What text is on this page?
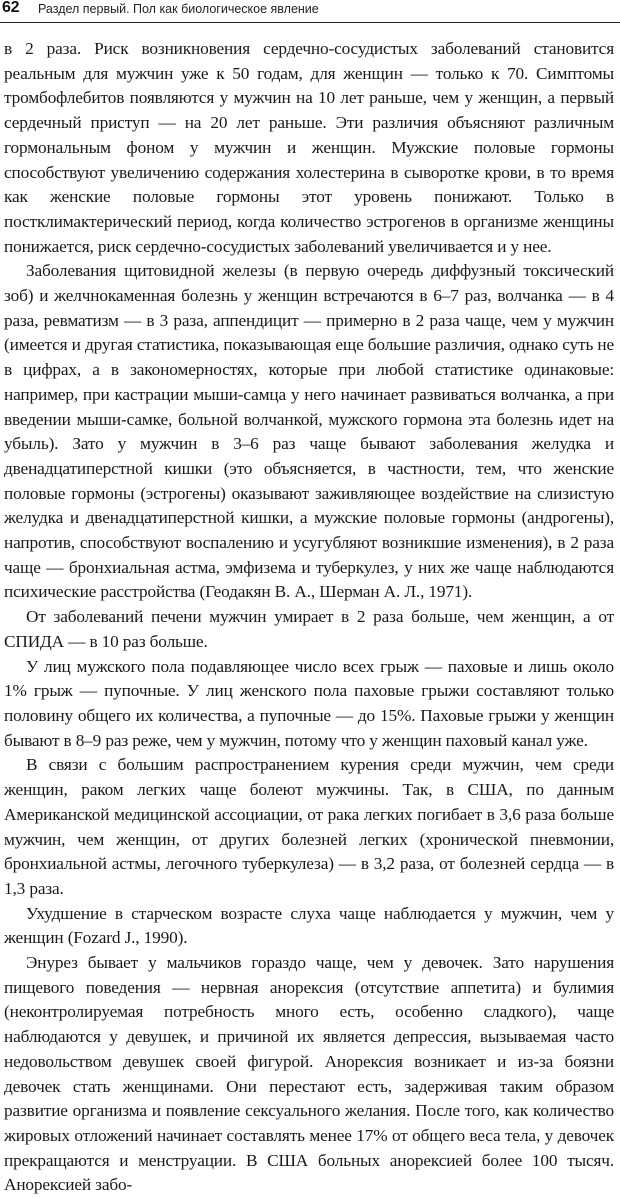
62 Раздел первый. Пол как биологическое явление

в 2 раза. Риск возникновения сердечно-сосудистых заболеваний становится реальным для мужчин уже к 50 годам, для женщин — только к 70. Симптомы тромбофлебитов появляются у мужчин на 10 лет раньше, чем у женщин, а первый сердечный приступ — на 20 лет раньше. Эти различия объясняют различным гормональным фоном у мужчин и женщин. Мужские половые гормоны способствуют увеличению содержания холестерина в сыворотке крови, в то время как женские половые гормоны этот уровень понижают. Только в постклимактерический период, когда количество эстрогенов в организме женщины понижается, риск сердечно-сосудистых заболеваний увеличивается и у нее.

Заболевания щитовидной железы (в первую очередь диффузный токсический зоб) и желчнокаменная болезнь у женщин встречаются в 6–7 раз, волчанка — в 4 раза, ревматизм — в 3 раза, аппендицит — примерно в 2 раза чаще, чем у мужчин (имеется и другая статистика, показывающая еще большие различия, однако суть не в цифрах, а в закономерностях, которые при любой статистике одинаковые: например, при кастрации мыши-самца у него начинает развиваться волчанка, а при введении мыши-самке, больной волчанкой, мужского гормона эта болезнь идет на убыль). Зато у мужчин в 3–6 раз чаще бывают заболевания желудка и двенадцатиперстной кишки (это объясняется, в частности, тем, что женские половые гормоны (эстрогены) оказывают заживляющее воздействие на слизистую желудка и двенадцатиперстной кишки, а мужские половые гормоны (андрогены), напротив, способствуют воспалению и усугубляют возникшие изменения), в 2 раза чаще — бронхиальная астма, эмфизема и туберкулез, у них же чаще наблюдаются психические расстройства (Геодакян В. А., Шерман А. Л., 1971).

От заболеваний печени мужчин умирает в 2 раза больше, чем женщин, а от СПИДА — в 10 раз больше.

У лиц мужского пола подавляющее число всех грыж — паховые и лишь около 1% грыж — пупочные. У лиц женского пола паховые грыжи составляют только половину общего их количества, а пупочные — до 15%. Паховые грыжи у женщин бывают в 8–9 раз реже, чем у мужчин, потому что у женщин паховый канал уже.

В связи с большим распространением курения среди мужчин, чем среди женщин, раком легких чаще болеют мужчины. Так, в США, по данным Американской медицинской ассоциации, от рака легких погибает в 3,6 раза больше мужчин, чем женщин, от других болезней легких (хронической пневмонии, бронхиальной астмы, легочного туберкулеза) — в 3,2 раза, от болезней сердца — в 1,3 раза.

Ухудшение в старческом возрасте слуха чаще наблюдается у мужчин, чем у женщин (Fozard J., 1990).

Энурез бывает у мальчиков гораздо чаще, чем у девочек. Зато нарушения пищевого поведения — нервная анорексия (отсутствие аппетита) и булимия (неконтролируемая потребность много есть, особенно сладкого), чаще наблюдаются у девушек, и причиной их является депрессия, вызываемая часто недовольством девушек своей фигурой. Анорексия возникает и из-за боязни девочек стать женщинами. Они перестают есть, задерживая таким образом развитие организма и появление сексуального желания. После того, как количество жировых отложений начинает составлять менее 17% от общего веса тела, у девочек прекращаются и менструации. В США больных анорексией более 100 тысяч. Анорексией забо-
